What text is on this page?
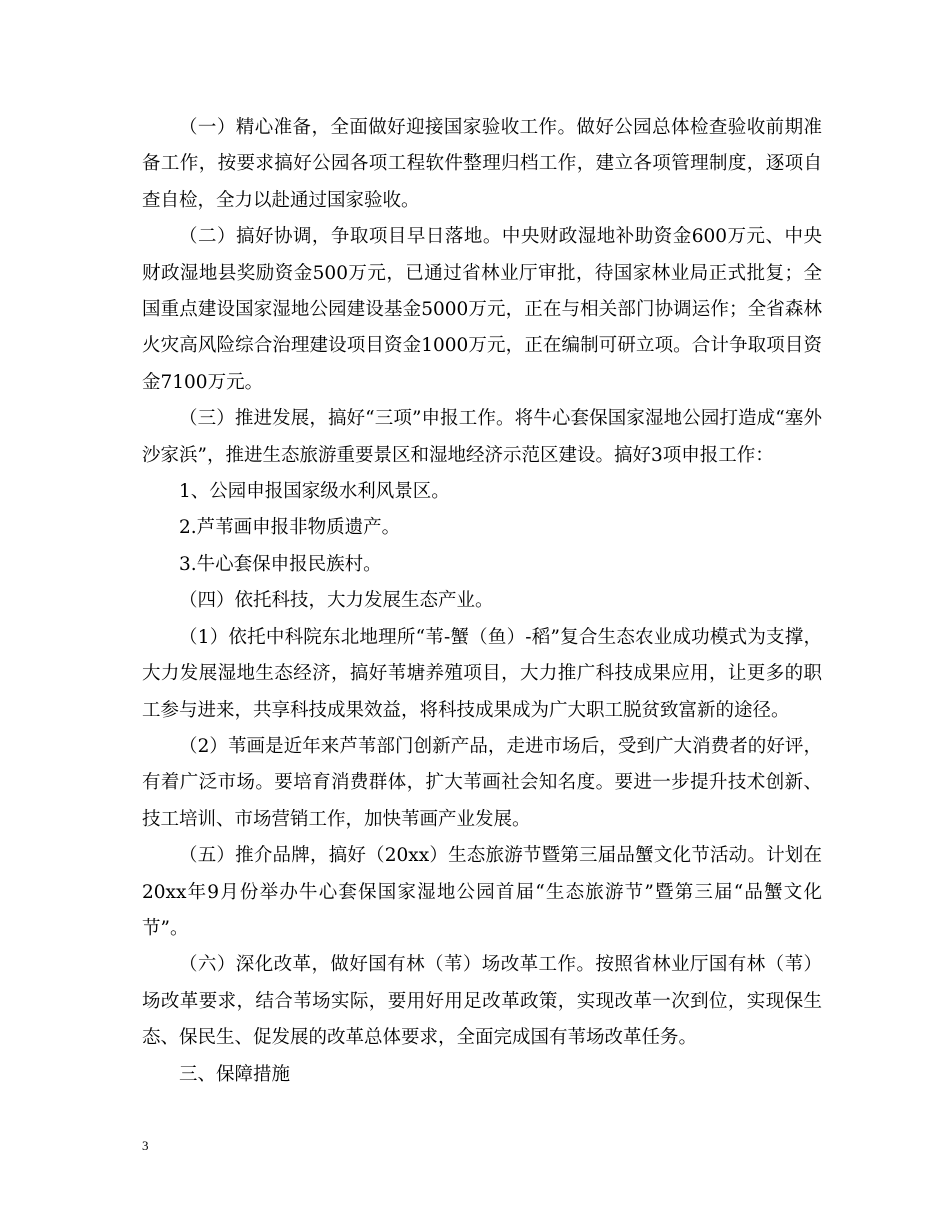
（一）精心准备，全面做好迎接国家验收工作。做好公园总体检查验收前期准备工作，按要求搞好公园各项工程软件整理归档工作，建立各项管理制度，逐项自查自检，全力以赴通过国家验收。

（二）搞好协调，争取项目早日落地。中央财政湿地补助资金600万元、中央财政湿地县奖励资金500万元，已通过省林业厅审批，待国家林业局正式批复；全国重点建设国家湿地公园建设基金5000万元，正在与相关部门协调运作；全省森林火灾高风险综合治理建设项目资金1000万元，正在编制可研立项。合计争取项目资金7100万元。

（三）推进发展，搞好“三项”申报工作。将牛心套保国家湿地公园打造成“塞外沙家浜”，推进生态旅游重要景区和湿地经济示范区建设。搞好3项申报工作：

1、公园申报国家级水利风景区。

2.芦苇画申报非物质遗产。

3.牛心套保申报民族村。

（四）依托科技，大力发展生态产业。

（1）依托中科院东北地理所“苇-蟹（鱼）-稻”复合生态农业成功模式为支撑，大力发展湿地生态经济，搞好苇塘养殖项目，大力推广科技成果应用，让更多的职工参与进来，共享科技成果效益，将科技成果成为广大职工脱贫致富新的途径。

（2）苇画是近年来芦苇部门创新产品，走进市场后，受到广大消费者的好评，有着广泛市场。要培育消费群体，扩大苇画社会知名度。要进一步提升技术创新、技工培训、市场营销工作，加快苇画产业发展。

（五）推介品牌，搞好（20xx）生态旅游节暨第三届品蟹文化节活动。计划在20xx年9月份举办牛心套保国家湿地公园首届“生态旅游节”暨第三届“品蟹文化节”。

（六）深化改革，做好国有林（苇）场改革工作。按照省林业厅国有林（苇）场改革要求，结合苇场实际，要用好用足改革政策，实现改革一次到位，实现保生态、保民生、促发展的改革总体要求，全面完成国有苇场改革任务。

三、保障措施

3
